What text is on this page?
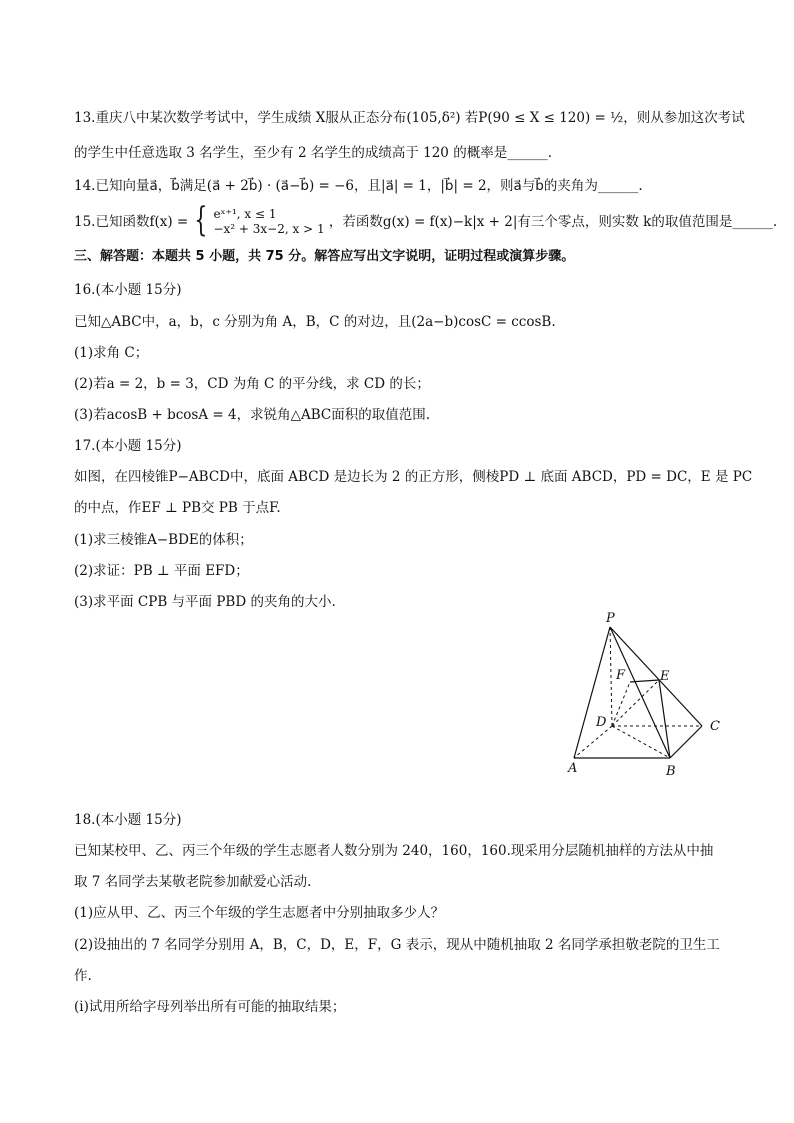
13.重庆八中某次数学考试中，学生成绩 X服从正态分布(105,δ²) 若P(90 ≤ X ≤ 120) = ½，则从参加这次考试
的学生中任意选取 3 名学生，至少有 2 名学生的成绩高于 120 的概率是______.
14.已知向量a⃗，b⃗满足(a⃗ + 2b⃗) · (a⃗−b⃗) = −6，且|a⃗| = 1，|b⃗| = 2，则a⃗与b⃗的夹角为______.
15.已知函数f(x) = { eˣ⁺¹, x ≤ 1
−x² + 3x−2, x > 1 ，若函数g(x) = f(x)−k|x + 2|有三个零点，则实数 k的取值范围是______.
三、解答题：本题共 5 小题，共 75 分。解答应写出文字说明，证明过程或演算步骤。
16.(本小题 15分)
已知△ABC中，a，b，c 分别为角 A，B，C 的对边，且(2a−b)cosC = ccosB.
(1)求角 C；
(2)若a = 2，b = 3，CD 为角 C 的平分线，求 CD 的长；
(3)若acosB + bcosA = 4，求锐角△ABC面积的取值范围.
17.(本小题 15分)
如图，在四棱锥P−ABCD中，底面 ABCD 是边长为 2 的正方形，侧棱PD ⊥ 底面 ABCD，PD = DC，E 是 PC
的中点，作EF ⊥ PB交 PB 于点F.
(1)求三棱锥A−BDE的体积；
(2)求证：PB ⊥ 平面 EFD；
(3)求平面 CPB 与平面 PBD 的夹角的大小.
P
F	E
D	C
A	B
18.(本小题 15分)
已知某校甲、乙、丙三个年级的学生志愿者人数分别为 240，160，160.现采用分层随机抽样的方法从中抽
取 7 名同学去某敬老院参加献爱心活动.
(1)应从甲、乙、丙三个年级的学生志愿者中分别抽取多少人？
(2)设抽出的 7 名同学分别用 A，B，C，D，E，F，G 表示，现从中随机抽取 2 名同学承担敬老院的卫生工
作.
(i)试用所给字母列举出所有可能的抽取结果；
